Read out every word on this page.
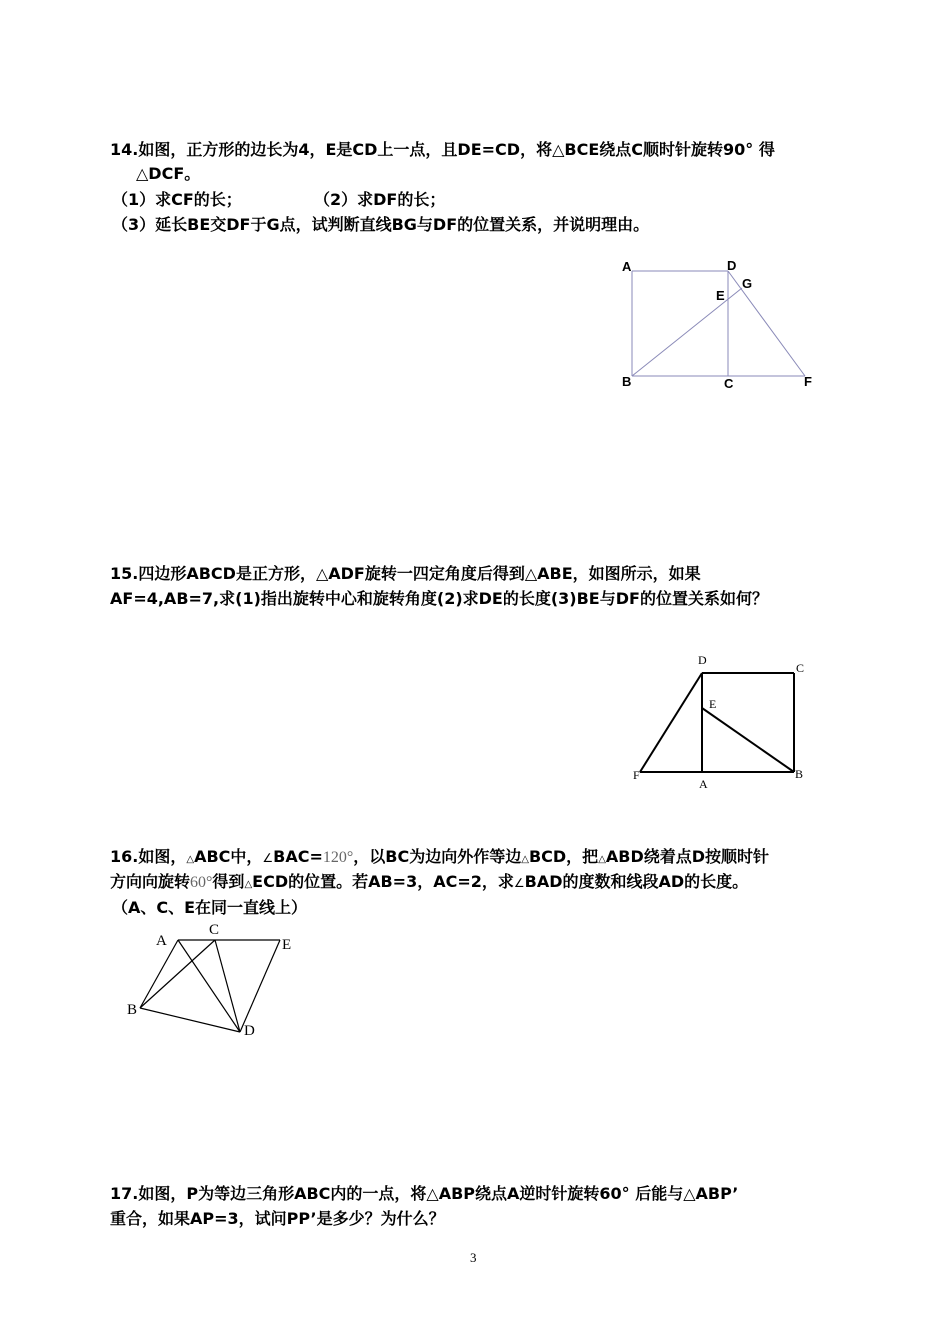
14.如图，正方形的边长为4，E是CD上一点，且DE=CD，将△BCE绕点C顺时针旋转90° 得
△DCF。
（1）求CF的长；	（2）求DF的长；
（3）延长BE交DF于G点，试判断直线BG与DF的位置关系，并说明理由。
A	D
G
E
B	C	F
15.四边形ABCD是正方形，△ADF旋转一四定角度后得到△ABE，如图所示，如果
AF=4,AB=7,求(1)指出旋转中心和旋转角度(2)求DE的长度(3)BE与DF的位置关系如何？
D
C
E
F
A
B
16.如图，△ABC中，∠BAC=120°，以BC为边向外作等边△BCD，把△ABD绕着点D按顺时针
方向向旋转60°得到△ECD的位置。若AB=3，AC=2，求∠BAD的度数和线段AD的长度。
（A、C、E在同一直线上）
A
C
E
B
D
17.如图，P为等边三角形ABC内的一点，将△ABP绕点A逆时针旋转60° 后能与△ABP’
重合，如果AP=3，试问PP’是多少？为什么？
3
